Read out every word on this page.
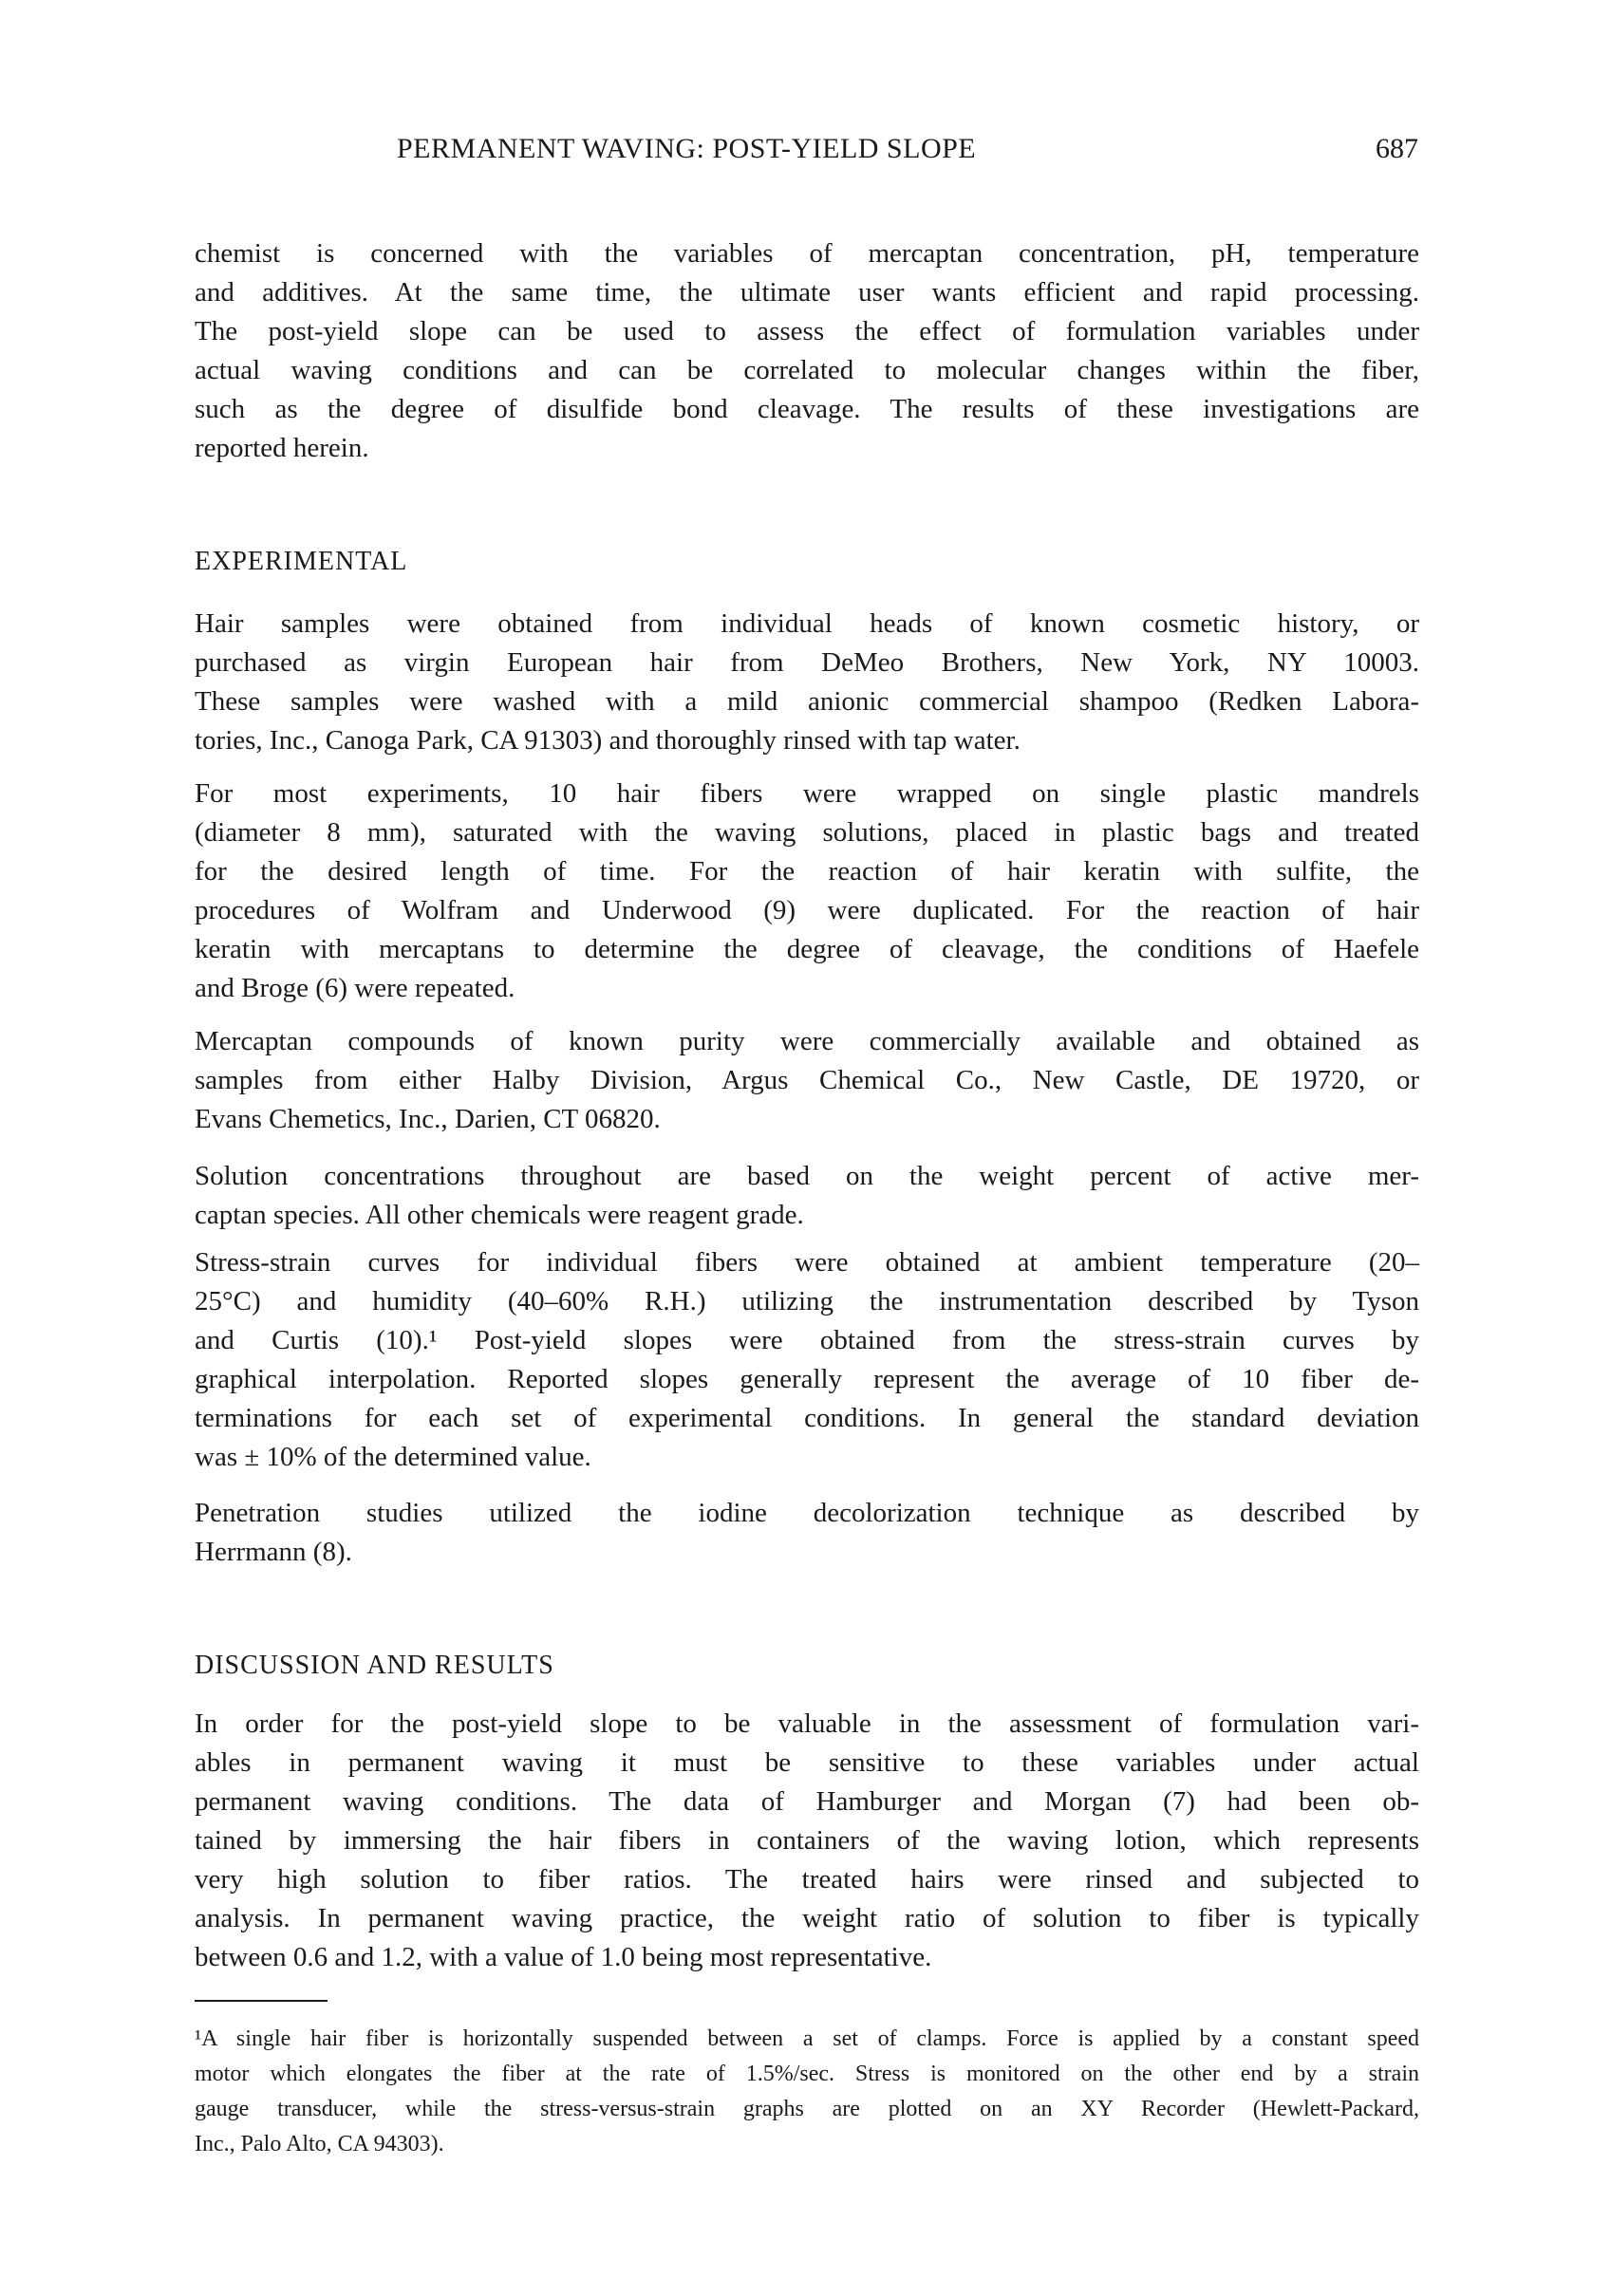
PERMANENT WAVING: POST-YIELD SLOPE	687
chemist is concerned with the variables of mercaptan concentration, pH, temperature
and additives. At the same time, the ultimate user wants efficient and rapid processing.
The post-yield slope can be used to assess the effect of formulation variables under
actual waving conditions and can be correlated to molecular changes within the fiber,
such as the degree of disulfide bond cleavage. The results of these investigations are
reported herein.
EXPERIMENTAL
Hair samples were obtained from individual heads of known cosmetic history, or
purchased as virgin European hair from DeMeo Brothers, New York, NY 10003.
These samples were washed with a mild anionic commercial shampoo (Redken Labora-
tories, Inc., Canoga Park, CA 91303) and thoroughly rinsed with tap water.
For most experiments, 10 hair fibers were wrapped on single plastic mandrels
(diameter 8 mm), saturated with the waving solutions, placed in plastic bags and treated
for the desired length of time. For the reaction of hair keratin with sulfite, the
procedures of Wolfram and Underwood (9) were duplicated. For the reaction of hair
keratin with mercaptans to determine the degree of cleavage, the conditions of Haefele
and Broge (6) were repeated.
Mercaptan compounds of known purity were commercially available and obtained as
samples from either Halby Division, Argus Chemical Co., New Castle, DE 19720, or
Evans Chemetics, Inc., Darien, CT 06820.
Solution concentrations throughout are based on the weight percent of active mer-
captan species. All other chemicals were reagent grade.
Stress-strain curves for individual fibers were obtained at ambient temperature (20–
25°C) and humidity (40–60% R.H.) utilizing the instrumentation described by Tyson
and Curtis (10).¹ Post-yield slopes were obtained from the stress-strain curves by
graphical interpolation. Reported slopes generally represent the average of 10 fiber de-
terminations for each set of experimental conditions. In general the standard deviation
was ± 10% of the determined value.
Penetration studies utilized the iodine decolorization technique as described by
Herrmann (8).
DISCUSSION AND RESULTS
In order for the post-yield slope to be valuable in the assessment of formulation vari-
ables in permanent waving it must be sensitive to these variables under actual
permanent waving conditions. The data of Hamburger and Morgan (7) had been ob-
tained by immersing the hair fibers in containers of the waving lotion, which represents
very high solution to fiber ratios. The treated hairs were rinsed and subjected to
analysis. In permanent waving practice, the weight ratio of solution to fiber is typically
between 0.6 and 1.2, with a value of 1.0 being most representative.
¹A single hair fiber is horizontally suspended between a set of clamps. Force is applied by a constant speed
motor which elongates the fiber at the rate of 1.5%/sec. Stress is monitored on the other end by a strain
gauge transducer, while the stress-versus-strain graphs are plotted on an XY Recorder (Hewlett-Packard,
Inc., Palo Alto, CA 94303).
